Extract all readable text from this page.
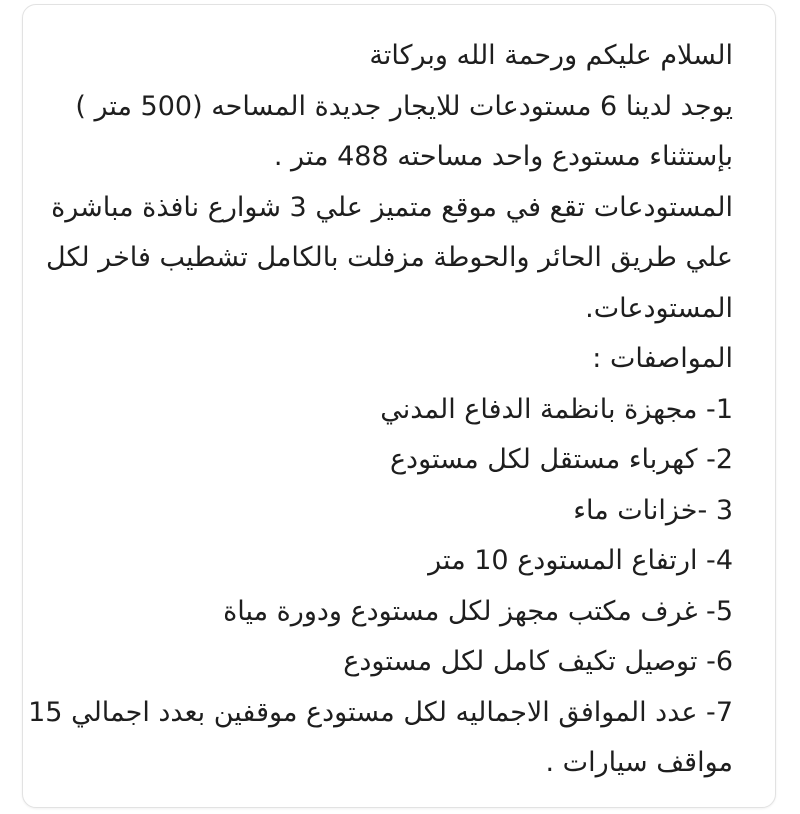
السلام عليكم ورحمة الله وبركاتة
يوجد لدينا 6 مستودعات للايجار جديدة المساحه (500 متر ) بإستثناء مستودع واحد مساحته 488 متر .
المستودعات تقع في موقع متميز علي 3 شوارع نافذة مباشرة علي طريق الحائر والحوطة مزفلت بالكامل تشطيب فاخر لكل المستودعات.
المواصفات :
1- مجهزة بانظمة الدفاع المدني
2- كهرباء مستقل لكل مستودع
3 -خزانات ماء
4- ارتفاع المستودع 10 متر
5- غرف مكتب مجهز لكل مستودع ودورة مياة
6- توصيل تكيف كامل لكل مستودع
7- عدد الموافق الاجماليه لكل مستودع موقفين بعدد اجمالي 15 مواقف سيارات .
